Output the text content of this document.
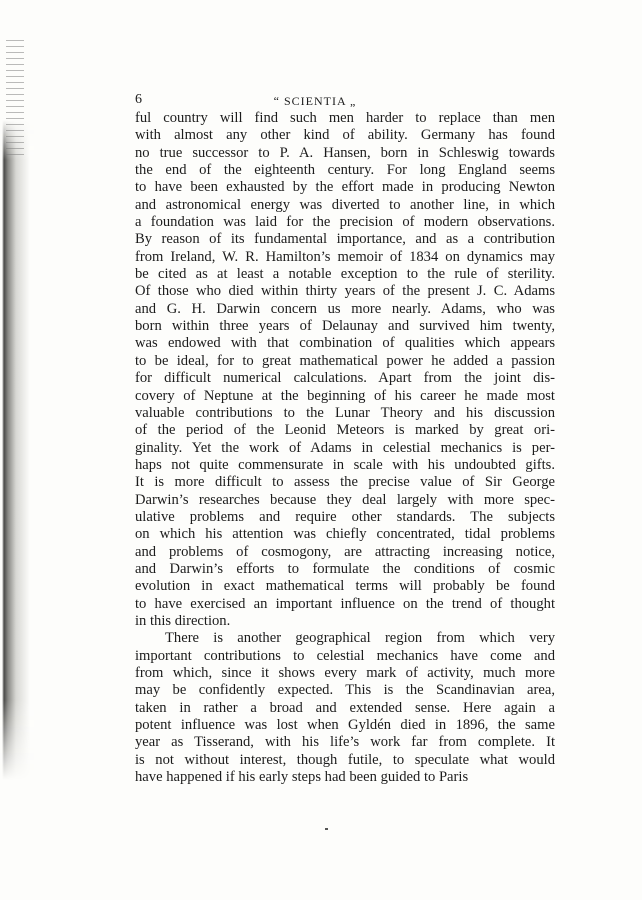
6	“ SCIENTIA „
ful country will find such men harder to replace than men
with almost any other kind of ability. Germany has found
no true successor to P. A. Hansen, born in Schleswig towards
the end of the eighteenth century. For long England seems
to have been exhausted by the effort made in producing Newton
and astronomical energy was diverted to another line, in which
a foundation was laid for the precision of modern observations.
By reason of its fundamental importance, and as a contribution
from Ireland, W. R. Hamilton’s memoir of 1834 on dynamics may
be cited as at least a notable exception to the rule of sterility.
Of those who died within thirty years of the present J. C. Adams
and G. H. Darwin concern us more nearly. Adams, who was
born within three years of Delaunay and survived him twenty,
was endowed with that combination of qualities which appears
to be ideal, for to great mathematical power he added a passion
for difficult numerical calculations. Apart from the joint dis-
covery of Neptune at the beginning of his career he made most
valuable contributions to the Lunar Theory and his discussion
of the period of the Leonid Meteors is marked by great ori-
ginality. Yet the work of Adams in celestial mechanics is per-
haps not quite commensurate in scale with his undoubted gifts.
It is more difficult to assess the precise value of Sir George
Darwin’s researches because they deal largely with more spec-
ulative problems and require other standards. The subjects
on which his attention was chiefly concentrated, tidal problems
and problems of cosmogony, are attracting increasing notice,
and Darwin’s efforts to formulate the conditions of cosmic
evolution in exact mathematical terms will probably be found
to have exercised an important influence on the trend of thought
in this direction.
There is another geographical region from which very
important contributions to celestial mechanics have come and
from which, since it shows every mark of activity, much more
may be confidently expected. This is the Scandinavian area,
taken in rather a broad and extended sense. Here again a
potent influence was lost when Gyldén died in 1896, the same
year as Tisserand, with his life’s work far from complete. It
is not without interest, though futile, to speculate what would
have happened if his early steps had been guided to Paris
